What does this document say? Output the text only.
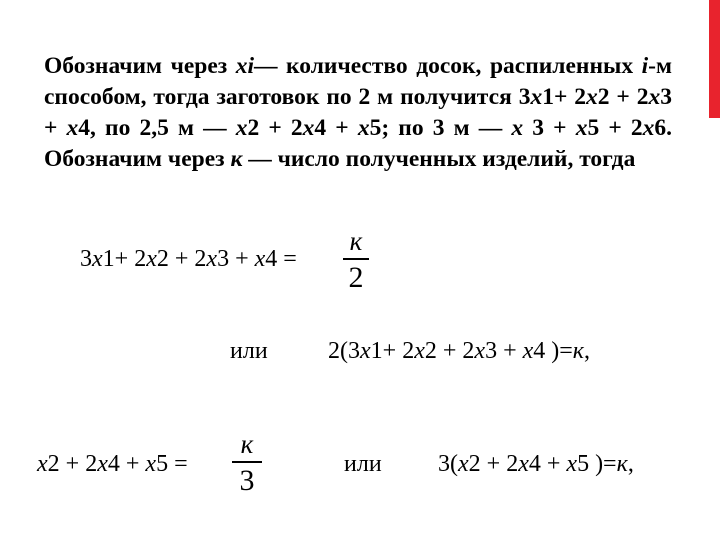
Обозначим через xi— количество досок, распиленных i-м способом, тогда заготовок по 2 м получится 3x1+ 2x2 + 2x3 + x4, по 2,5 м — x2 + 2x4 + x5; по 3 м — x 3 + x5 + 2x6. Обозначим через к — число полученных изделий, тогда
3x1+ 2x2 + 2x3 + x4 =
к
2
или	2(3x1+ 2x2 + 2x3 + x4 )=к,
x2 + 2x4 + x5 =
к
3	или 3(x2 + 2x4 + x5 )=к,
